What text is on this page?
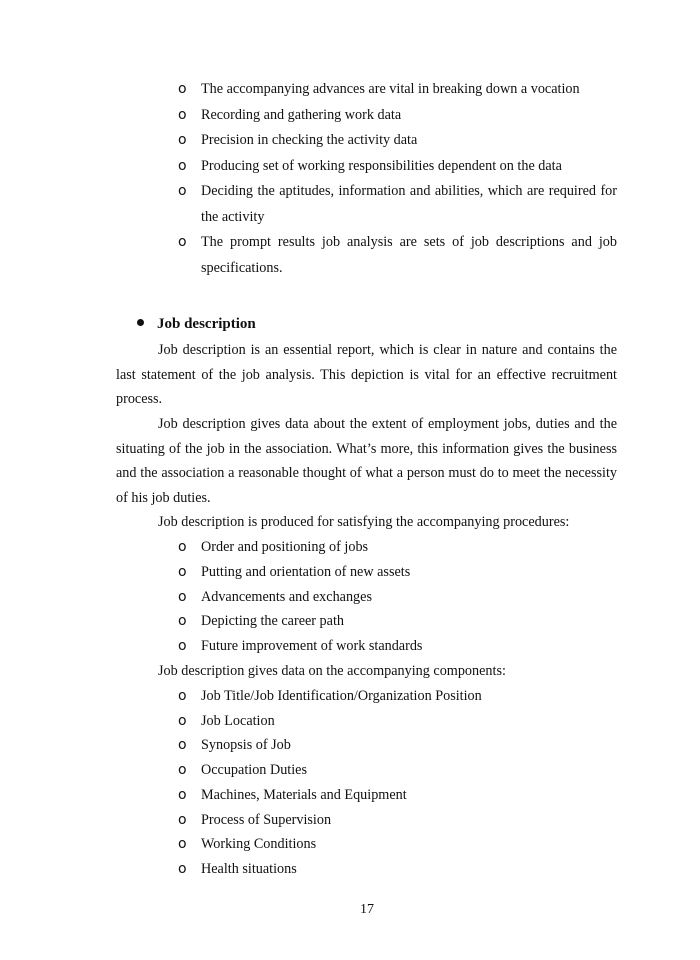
o The accompanying advances are vital in breaking down a vocation
o Recording and gathering work data
o Precision in checking the activity data
o Producing set of working responsibilities dependent on the data
o Deciding the aptitudes, information and abilities, which are required for the activity
o The prompt results job analysis are sets of job descriptions and job specifications.
Job description

Job description is an essential report, which is clear in nature and contains the last statement of the job analysis. This depiction is vital for an effective recruitment process.

Job description gives data about the extent of employment jobs, duties and the situating of the job in the association. What’s more, this information gives the business and the association a reasonable thought of what a person must do to meet the necessity of his job duties.

Job description is produced for satisfying the accompanying procedures:

o Order and positioning of jobs
o Putting and orientation of new assets
o Advancements and exchanges
o Depicting the career path
o Future improvement of work standards

Job description gives data on the accompanying components:

o Job Title/Job Identification/Organization Position
o Job Location
o Synopsis of Job
o Occupation Duties
o Machines, Materials and Equipment
o Process of Supervision
o Working Conditions
o Health situations
17
